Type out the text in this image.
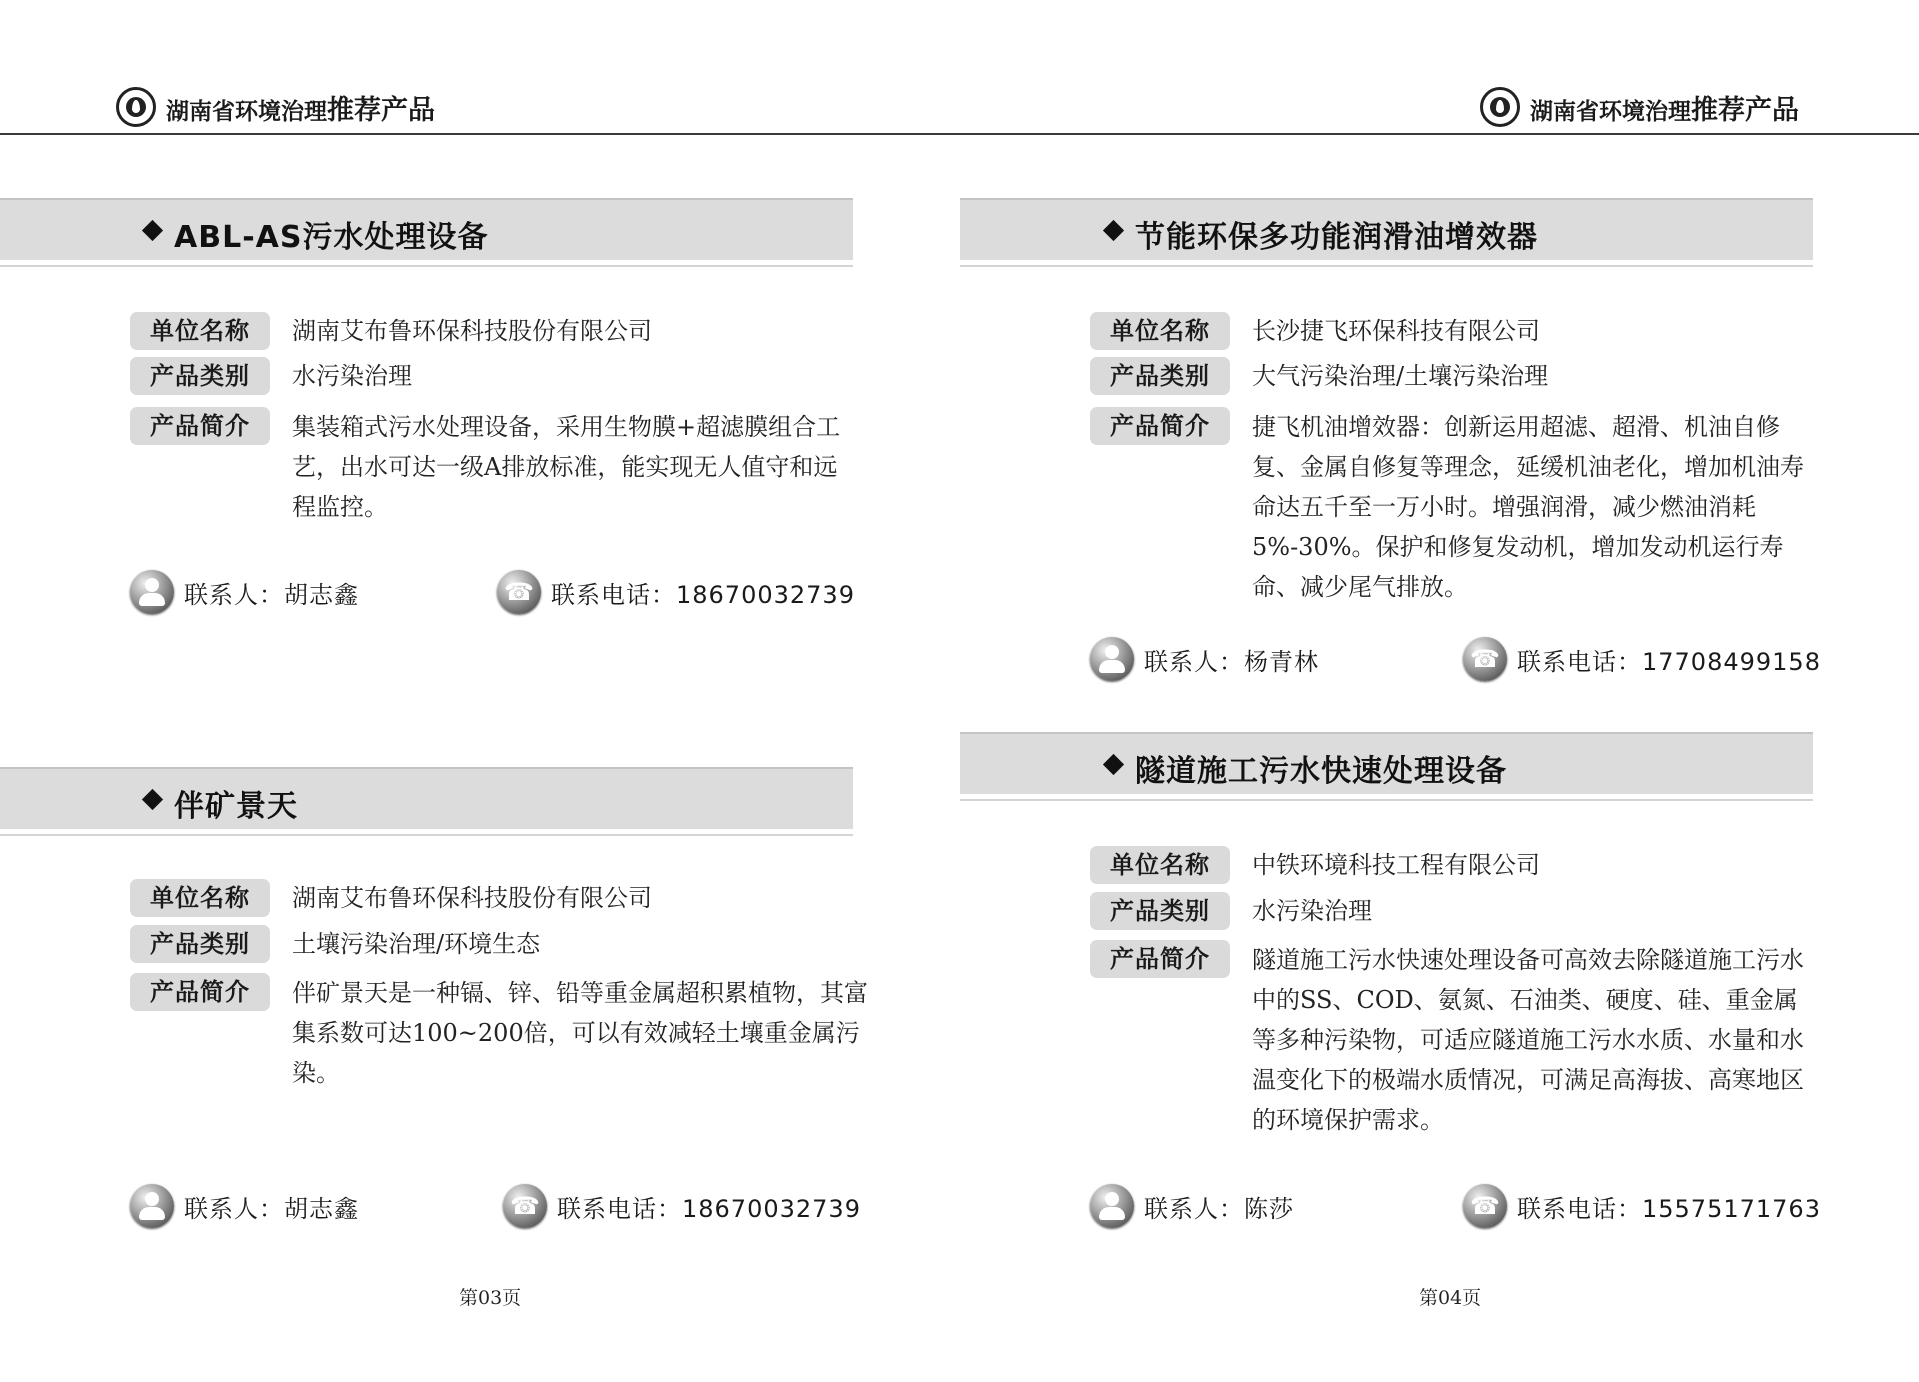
湖南省环境治理推荐产品	湖南省环境治理推荐产品
ABL-AS污水处理设备
单位名称	湖南艾布鲁环保科技股份有限公司
产品类别	水污染治理
产品简介	集装箱式污水处理设备，采用生物膜+超滤膜组合工艺，出水可达一级A排放标准，能实现无人值守和远程监控。
联系人：胡志鑫 ☎	联系电话：18670032739
伴矿景天
单位名称	湖南艾布鲁环保科技股份有限公司
产品类别	土壤污染治理/环境生态
产品简介	伴矿景天是一种镉、锌、铅等重金属超积累植物，其富集系数可达100~200倍，可以有效减轻土壤重金属污染。
联系人：胡志鑫 ☎	联系电话：18670032739
节能环保多功能润滑油增效器
单位名称	长沙捷飞环保科技有限公司
产品类别	大气污染治理/土壤污染治理
产品简介	捷飞机油增效器：创新运用超滤、超滑、机油自修复、金属自修复等理念，延缓机油老化，增加机油寿命达五千至一万小时。增强润滑，减少燃油消耗5%-30%。保护和修复发动机，增加发动机运行寿命、减少尾气排放。
联系人：杨青林 ☎	联系电话：17708499158
隧道施工污水快速处理设备
单位名称	中铁环境科技工程有限公司
产品类别	水污染治理
产品简介	隧道施工污水快速处理设备可高效去除隧道施工污水中的SS、COD、氨氮、石油类、硬度、硅、重金属等多种污染物，可适应隧道施工污水水质、水量和水温变化下的极端水质情况，可满足高海拔、高寒地区的环境保护需求。
联系人：陈莎 ☎	联系电话：15575171763
第03页	第04页
